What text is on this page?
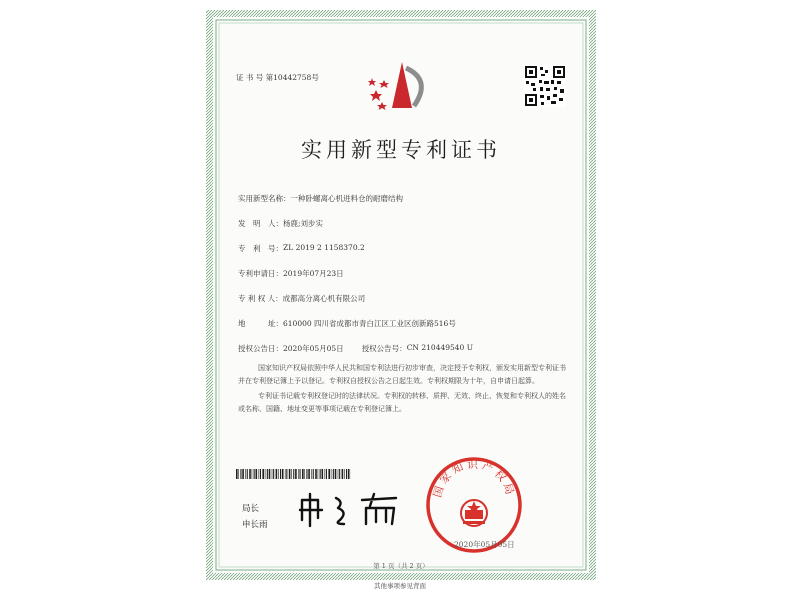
证 书 号 第10442758号
实用新型专利证书
实用新型名称： 一种卧螺离心机进料仓的耐磨结构
发　明　人： 杨鹿;刘步实
专　利　号： ZL 2019 2 1158370.2
专利申请日： 2019年07月23日
专 利 权 人： 成都高分离心机有限公司
地　　　址： 610000 四川省成都市青白江区工业区创新路516号
授权公告日： 2020年05月05日 授权公告号： CN 210449540 U

国家知识产权局依照中华人民共和国专利法进行初步审查，决定授予专利权，颁发实用新型专利证书并在专利登记簿上予以登记。专利权自授权公告之日起生效。专利权期限为十年，自申请日起算。

专利证书记载专利权登记时的法律状况。专利权的转移、质押、无效、终止、恢复和专利权人的姓名或名称、国籍、地址变更等事项记载在专利登记簿上。

局长
申长雨
国家知识产权局
2020年05月05日
第 1 页（共 2 页）
其他事项参见背面
